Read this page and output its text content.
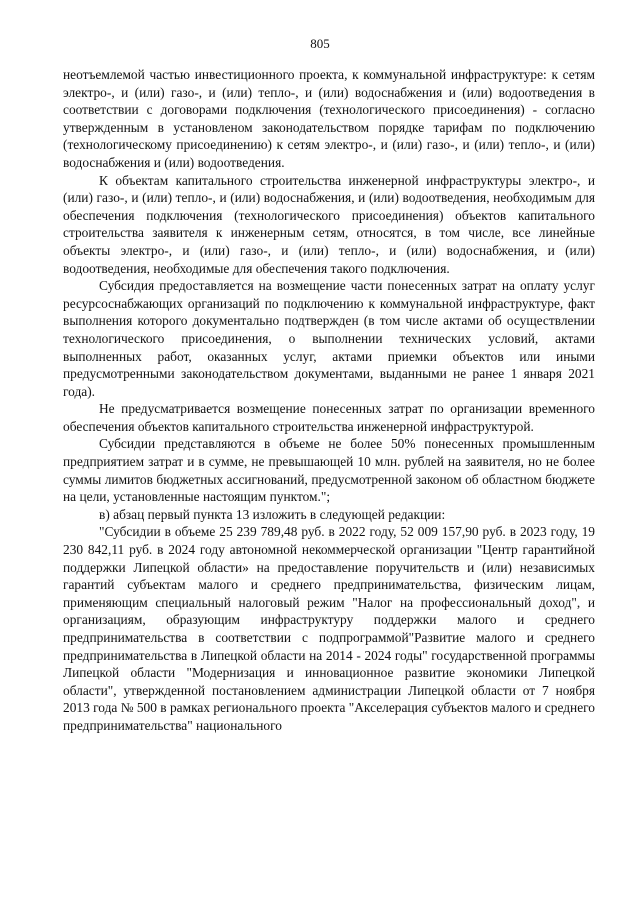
805

неотъемлемой частью инвестиционного проекта, к коммунальной инфраструктуре: к сетям электро-, и (или) газо-, и (или) тепло-, и (или) водоснабжения и (или) водоотведения в соответствии с договорами подключения (технологического присоединения) - согласно утвержденным в установленом законодательством порядке тарифам по подключению (технологическому присоединению) к сетям электро-, и (или) газо-, и (или) тепло-, и (или) водоснабжения и (или) водоотведения.

К объектам капитального строительства инженерной инфраструктуры электро-, и (или) газо-, и (или) тепло-, и (или) водоснабжения, и (или) водоотведения, необходимым для обеспечения подключения (технологического присоединения) объектов капитального строительства заявителя к инженерным сетям, относятся, в том числе, все линейные объекты электро-, и (или) газо-, и (или) тепло-, и (или) водоснабжения, и (или) водоотведения, необходимые для обеспечения такого подключения.

Субсидия предоставляется на возмещение части понесенных затрат на оплату услуг ресурсоснабжающих организаций по подключению к коммунальной инфраструктуре, факт выполнения которого документально подтвержден (в том числе актами об осуществлении технологического присоединения, о выполнении технических условий, актами выполненных работ, оказанных услуг, актами приемки объектов или иными предусмотренными законодательством документами, выданными не ранее 1 января 2021 года).

Не предусматривается возмещение понесенных затрат по организации временного обеспечения объектов капитального строительства инженерной инфраструктурой.

Субсидии представляются в объеме не более 50% понесенных промышленным предприятием затрат и в сумме, не превышающей 10 млн. рублей на заявителя, но не более суммы лимитов бюджетных ассигнований, предусмотренной законом об областном бюджете на цели, установленные настоящим пунктом.";

в) абзац первый пункта 13 изложить в следующей редакции:

"Субсидии в объеме 25 239 789,48 руб. в 2022 году, 52 009 157,90 руб. в 2023 году, 19 230 842,11 руб. в 2024 году автономной некоммерческой организации "Центр гарантийной поддержки Липецкой области» на предоставление поручительств и (или) независимых гарантий субъектам малого и среднего предпринимательства, физическим лицам, применяющим специальный налоговый режим "Налог на профессиональный доход", и организациям, образующим инфраструктуру поддержки малого и среднего предпринимательства в соответствии с подпрограммой"Развитие малого и среднего предпринимательства в Липецкой области на 2014 - 2024 годы" государственной программы Липецкой области "Модернизация и инновационное развитие экономики Липецкой области", утвержденной постановлением администрации Липецкой области от 7 ноября 2013 года № 500 в рамках регионального проекта "Акселерация субъектов малого и среднего предпринимательства" национального
